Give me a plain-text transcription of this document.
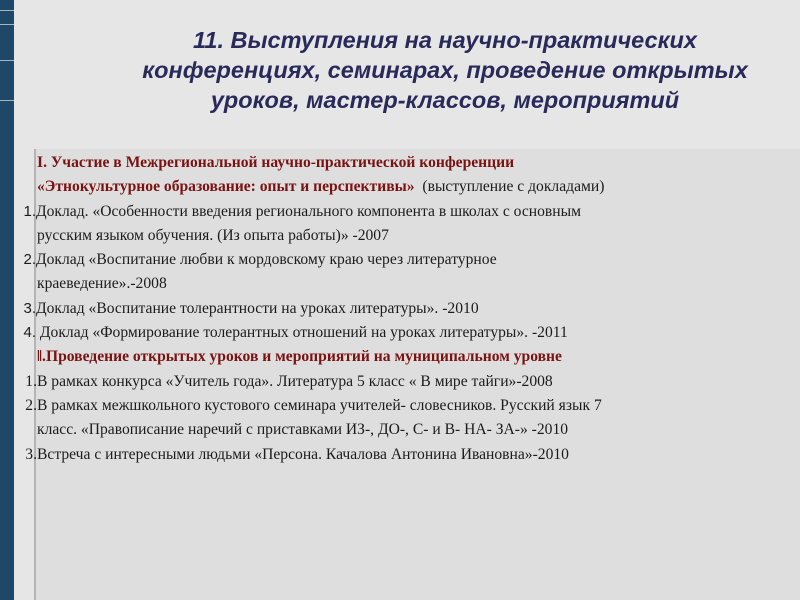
11. Выступления на научно-практических
конференциях, семинарах, проведение открытых
уроков, мастер-классов, мероприятий
I. Участие в Межрегиональной научно-практической конференции
«Этнокультурное образование: опыт и перспективы» (выступление с докладами)
1.Доклад. «Особенности введения регионального компонента в школах с основным
русским языком обучения. (Из опыта работы)» -2007
2.Доклад «Воспитание любви к мордовскому краю через литературное
краеведение».-2008
3.Доклад «Воспитание толерантности на уроках литературы». -2010
4. Доклад «Формирование толерантных отношений на уроках литературы». -2011
ǁ.Проведение открытых уроков и мероприятий на муниципальном уровне
1.В рамках конкурса «Учитель года». Литература 5 класс « В мире тайги»-2008
2.В рамках межшкольного кустового семинара учителей- словесников. Русский язык 7
класс. «Правописание наречий с приставками ИЗ-, ДО-, С- и В- НА- ЗА-» -2010
3.Встреча с интересными людьми «Персона. Качалова Антонина Ивановна»-2010
